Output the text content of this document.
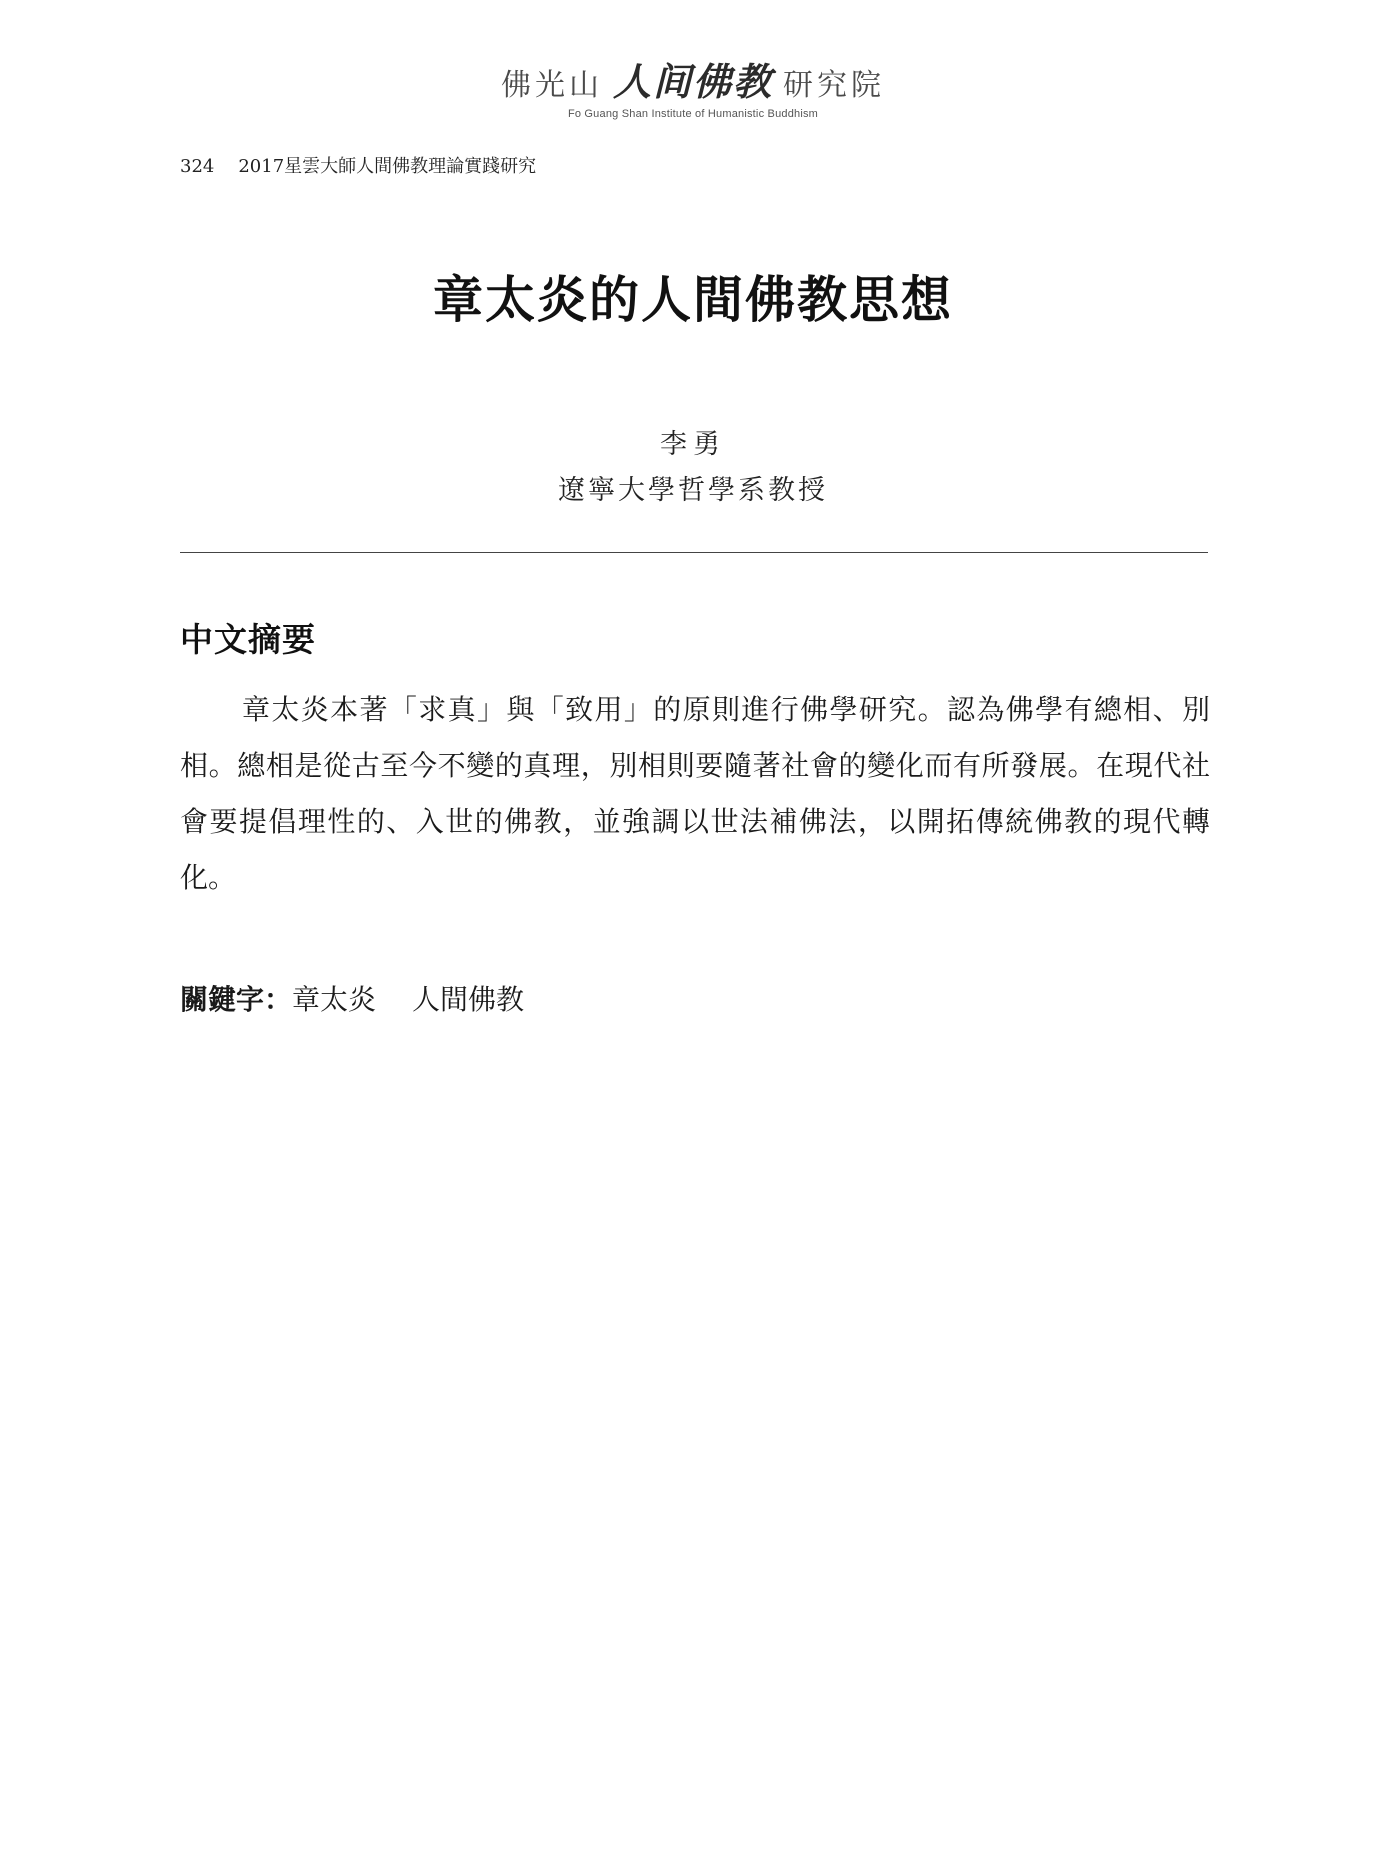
佛光山 人间佛教 研究院
Fo Guang Shan Institute of Humanistic Buddhism
324 2017星雲大師人間佛教理論實踐研究
章太炎的人間佛教思想
李勇
遼寧大學哲學系教授
中文摘要

章太炎本著「求真」與「致用」的原則進行佛學研究。認為佛學有總相、別相。總相是從古至今不變的真理，別相則要隨著社會的變化而有所發展。在現代社會要提倡理性的、入世的佛教，並強調以世法補佛法，以開拓傳統佛教的現代轉化。

關鍵字：章太炎 人間佛教
